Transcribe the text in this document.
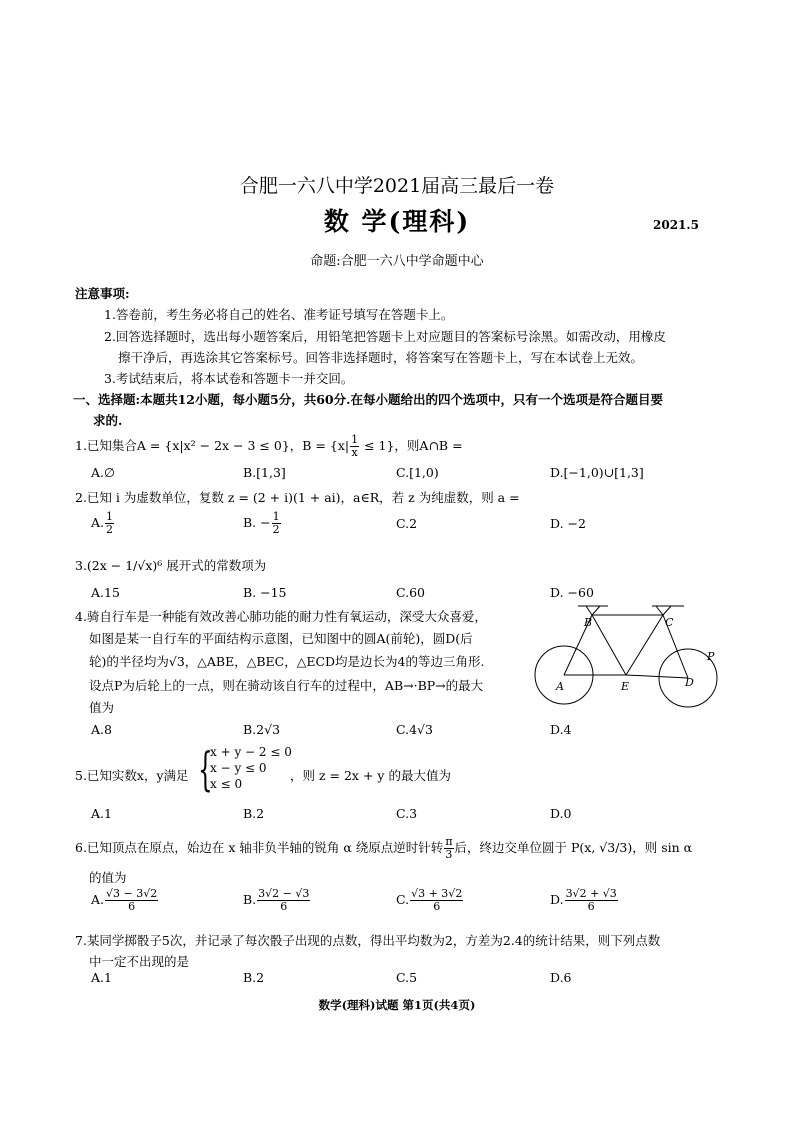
合肥一六八中学2021届高三最后一卷
数 学(理科)	2021.5
命题:合肥一六八中学命题中心
注意事项:
1.答卷前，考生务必将自己的姓名、准考证号填写在答题卡上。
2.回答选择题时，选出每小题答案后，用铅笔把答题卡上对应题目的答案标号涂黑。如需改动，用橡皮
擦干净后，再选涂其它答案标号。回答非选择题时，将答案写在答题卡上，写在本试卷上无效。
3.考试结束后，将本试卷和答题卡一并交回。
一、选择题:本题共12小题，每小题5分，共60分.在每小题给出的四个选项中，只有一个选项是符合题目要
求的.
1.已知集合A = {x|x² − 2x − 3 ≤ 0}，$B = \{x| \frac{1}{x} \le 1\}$，则A∩B =
A.∅	B.[1,3]	C.[1,0)	D.[−1,0)∪[1,3]
2.已知 i 为虚数单位，复数 z = (2 + i)(1 + ai)，a∈R，若 z 为纯虚数，则 a =
A. $\frac{1}{2}$	B. − $\frac{1}{2}$	C.2	D. −2
3.(2x − 1/√x)⁶ 展开式的常数项为
A.15	B. −15	C.60	D. −60
4.骑自行车是一种能有效改善心肺功能的耐力性有氧运动，深受大众喜爱，
如图是某一自行车的平面结构示意图，已知图中的圆A(前轮)，圆D(后
轮)的半径均为√3，△ABE，△BEC，△ECD均是边长为4的等边三角形.
设点P为后轮上的一点，则在骑动该自行车的过程中，AB→·BP→的最大
值为
B	C
A	E	D
P
A.8	B.2√3	C.4√3	D.4
5.已知实数x，y满足 {
x + y − 2 ≤ 0
x − y ≤ 0
x ≤ 0
，则 z = 2x + y 的最大值为
A.1	B.2	C.3	D.0
6.已知顶点在原点，始边在 x 轴非负半轴的锐角 α 绕原点逆时针转 $\frac{\pi}{3}$ 后，终边交单位圆于 P(x, √3/3)，则 sin α
的值为
A. $\frac{√3 - 3√2}{6}$	B. $\frac{3√2 - √3}{6}$	C. $\frac{√3 + 3√2}{6}$	D. $\frac{3√2 + √3}{6}$
7.某同学掷骰子5次，并记录了每次骰子出现的点数，得出平均数为2，方差为2.4的统计结果，则下列点数
中一定不出现的是
A.1	B.2	C.5	D.6
数学(理科)试题 第1页(共4页)
